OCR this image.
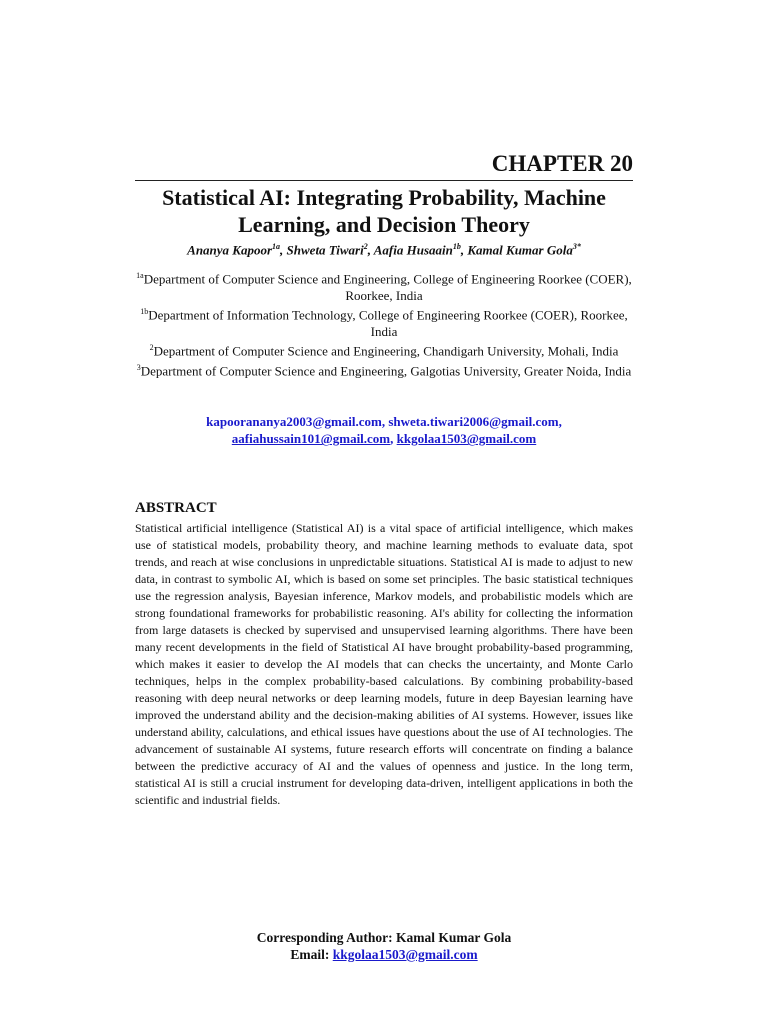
CHAPTER 20
Statistical AI: Integrating Probability, Machine
Learning, and Decision Theory
Ananya Kapoor$^{1a}$, Shweta Tiwari$^2$, Aafia Husaain$^{1b}$, Kamal Kumar Gola$^{3*}$
$^{1a}$Department of Computer Science and Engineering, College of Engineering Roorkee (COER), Roorkee, India
$^{1b}$Department of Information Technology, College of Engineering Roorkee (COER), Roorkee, India
$^2$Department of Computer Science and Engineering, Chandigarh University, Mohali, India
$^3$Department of Computer Science and Engineering, Galgotias University, Greater Noida, India
kapoorananya2003@gmail.com, shweta.tiwari2006@gmail.com,
aafiahussain101@gmail.com, kkgolaa1503@gmail.com
ABSTRACT
Statistical artificial intelligence (Statistical AI) is a vital space of artificial intelligence, which makes use of statistical models, probability theory, and machine learning methods to evaluate data, spot trends, and reach at wise conclusions in unpredictable situations. Statistical AI is made to adjust to new data, in contrast to symbolic AI, which is based on some set principles. The basic statistical techniques use the regression analysis, Bayesian inference, Markov models, and probabilistic models which are strong foundational frameworks for probabilistic reasoning. AI's ability for collecting the information from large datasets is checked by supervised and unsupervised learning algorithms. There have been many recent developments in the field of Statistical AI have brought probability-based programming, which makes it easier to develop the AI models that can checks the uncertainty, and Monte Carlo techniques, helps in the complex probability-based calculations. By combining probability-based reasoning with deep neural networks or deep learning models, future in deep Bayesian learning have improved the understand ability and the decision-making abilities of AI systems. However, issues like understand ability, calculations, and ethical issues have questions about the use of AI technologies. The advancement of sustainable AI systems, future research efforts will concentrate on finding a balance between the predictive accuracy of AI and the values of openness and justice. In the long term, statistical AI is still a crucial instrument for developing data-driven, intelligent applications in both the scientific and industrial fields.
Corresponding Author: Kamal Kumar Gola
Email: kkgolaa1503@gmail.com
